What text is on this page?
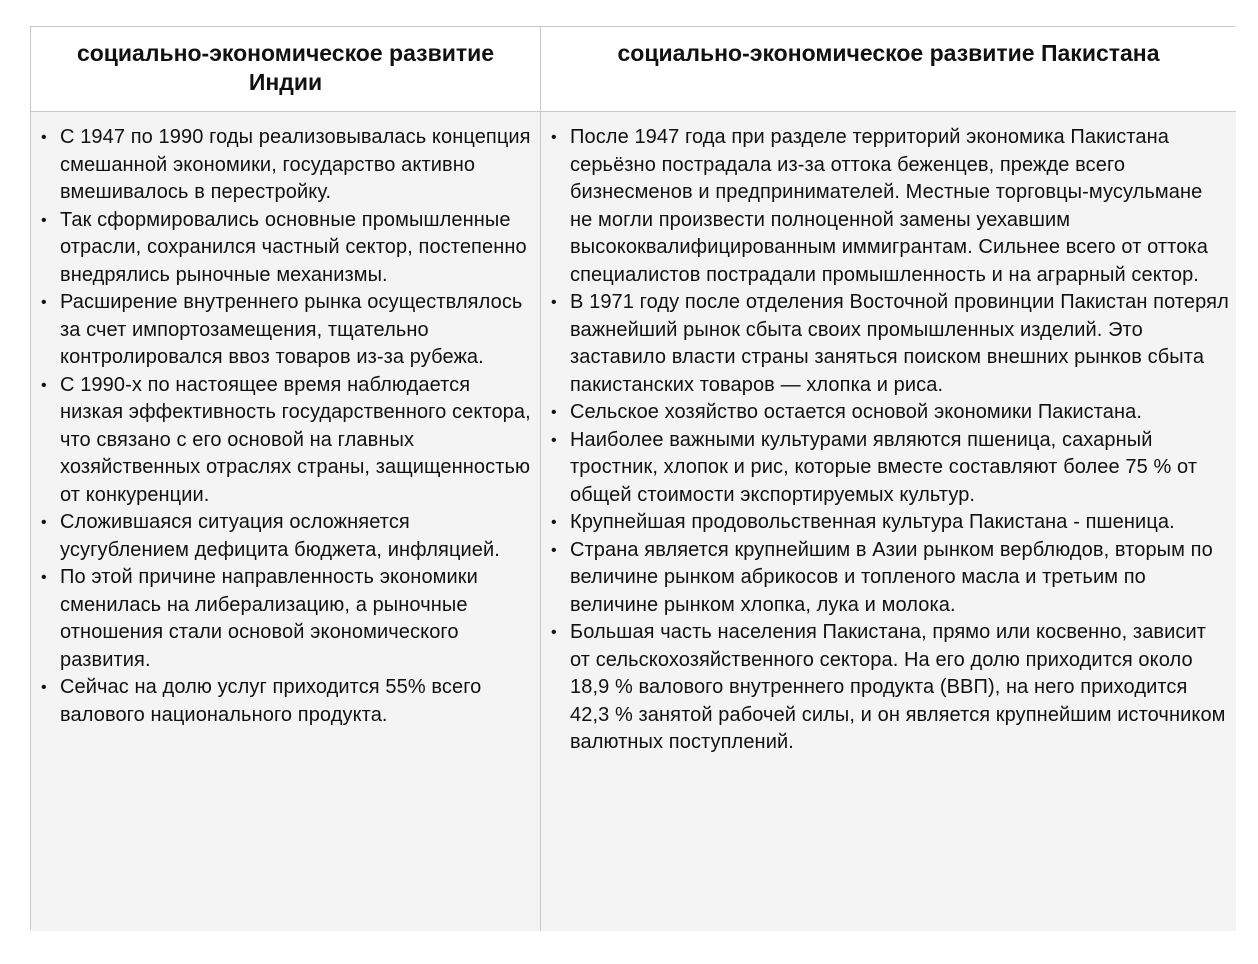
социально-экономическое развитие Индии
социально-экономическое развитие Пакистана
• С 1947 по 1990 годы реализовывалась концепция смешанной экономики, государство активно вмешивалось в перестройку.
• Так сформировались основные промышленные отрасли, сохранился частный сектор, постепенно внедрялись рыночные механизмы.
• Расширение внутреннего рынка осуществлялось за счет импортозамещения, тщательно контролировался ввоз товаров из-за рубежа.
• С 1990-х по настоящее время наблюдается низкая эффективность государственного сектора, что связано с его основой на главных хозяйственных отраслях страны, защищенностью от конкуренции.
• Сложившаяся ситуация осложняется усугублением дефицита бюджета, инфляцией.
• По этой причине направленность экономики сменилась на либерализацию, а рыночные отношения стали основой экономического развития.
• Сейчас на долю услуг приходится 55% всего валового национального продукта.
• После 1947 года при разделе территорий экономика Пакистана серьёзно пострадала из-за оттока беженцев, прежде всего бизнесменов и предпринимателей. Местные торговцы-мусульмане не могли произвести полноценной замены уехавшим высококвалифицированным иммигрантам. Сильнее всего от оттока специалистов пострадали промышленность и на аграрный сектор.
• В 1971 году после отделения Восточной провинции Пакистан потерял важнейший рынок сбыта своих промышленных изделий. Это заставило власти страны заняться поиском внешних рынков сбыта пакистанских товаров — хлопка и риса.
• Сельское хозяйство остается основой экономики Пакистана.
• Наиболее важными культурами являются пшеница, сахарный тростник, хлопок и рис, которые вместе составляют более 75 % от общей стоимости экспортируемых культур.
• Крупнейшая продовольственная культура Пакистана - пшеница.
• Страна является крупнейшим в Азии рынком верблюдов, вторым по величине рынком абрикосов и топленого масла и третьим по величине рынком хлопка, лука и молока.
• Большая часть населения Пакистана, прямо или косвенно, зависит от сельскохозяйственного сектора. На его долю приходится около 18,9 % валового внутреннего продукта (ВВП), на него приходится 42,3 % занятой рабочей силы, и он является крупнейшим источником валютных поступлений.
